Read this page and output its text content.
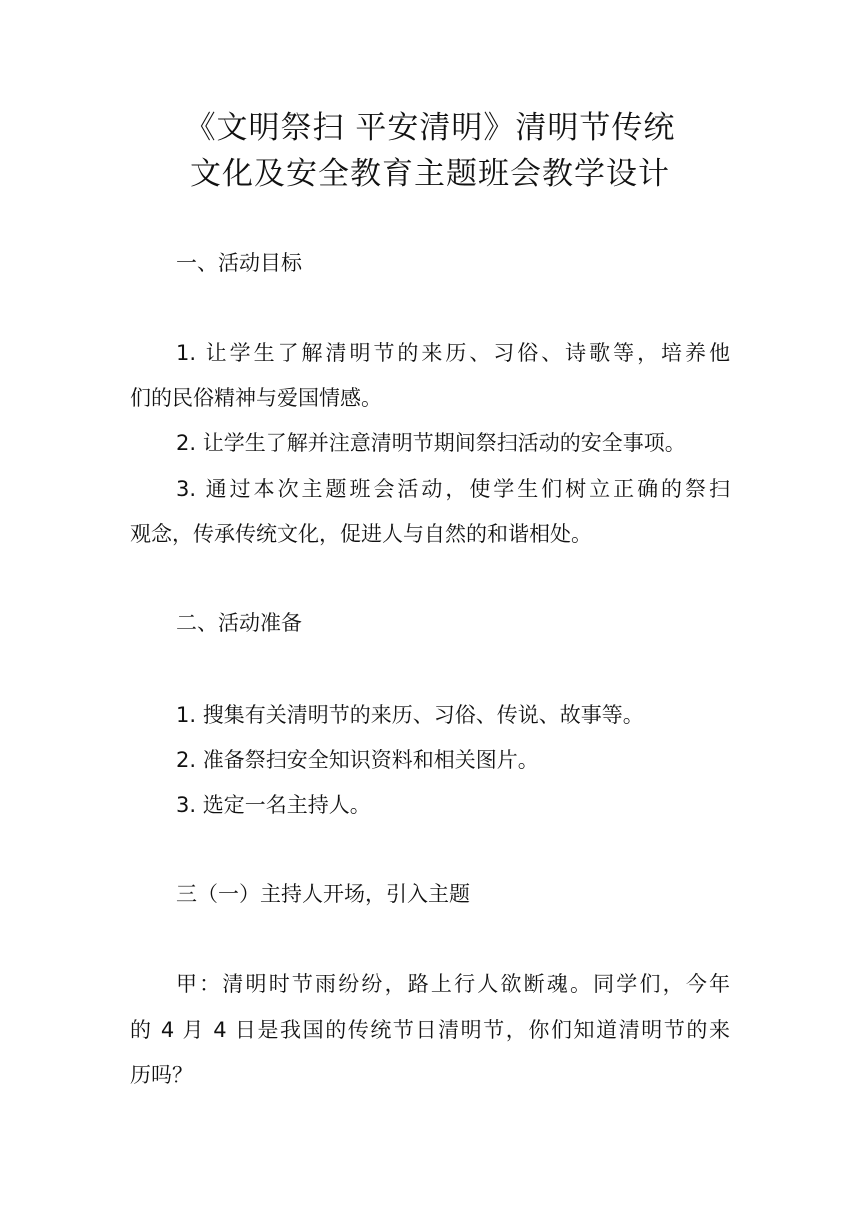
《文明祭扫 平安清明》清明节传统
文化及安全教育主题班会教学设计
一、活动目标
1. 让学生了解清明节的来历、习俗、诗歌等，培养他
们的民俗精神与爱国情感。
2. 让学生了解并注意清明节期间祭扫活动的安全事项。
3. 通过本次主题班会活动，使学生们树立正确的祭扫
观念，传承传统文化，促进人与自然的和谐相处。
二、活动准备
1. 搜集有关清明节的来历、习俗、传说、故事等。
2. 准备祭扫安全知识资料和相关图片。
3. 选定一名主持人。
三（一）主持人开场，引入主题
甲：清明时节雨纷纷，路上行人欲断魂。同学们，今年
的 4 月 4 日是我国的传统节日清明节，你们知道清明节的来
历吗？
